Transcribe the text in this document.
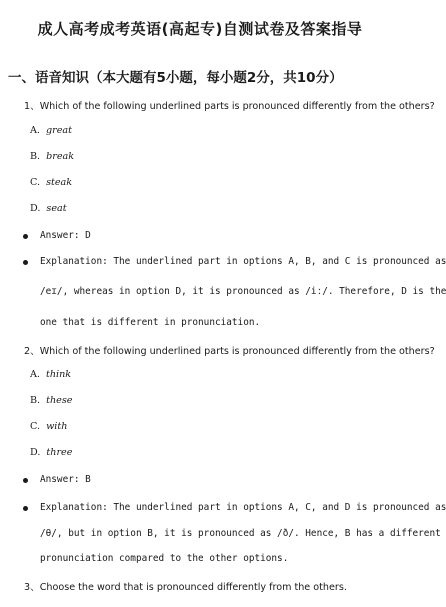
成人高考成考英语(高起专)自测试卷及答案指导
一、语音知识（本大题有5小题，每小题2分，共10分）
1、Which of the following underlined parts is pronounced differently from the others?
A. great
B. break
C. steak
D. seat
Answer: D
Explanation: The underlined part in options A, B, and C is pronounced as
/eɪ/, whereas in option D, it is pronounced as /iː/. Therefore, D is the
one that is different in pronunciation.
2、Which of the following underlined parts is pronounced differently from the others?
A. think
B. these
C. with
D. three
Answer: B
Explanation: The underlined part in options A, C, and D is pronounced as
/θ/, but in option B, it is pronounced as /ð/. Hence, B has a different
pronunciation compared to the other options.
3、Choose the word that is pronounced differently from the others.
